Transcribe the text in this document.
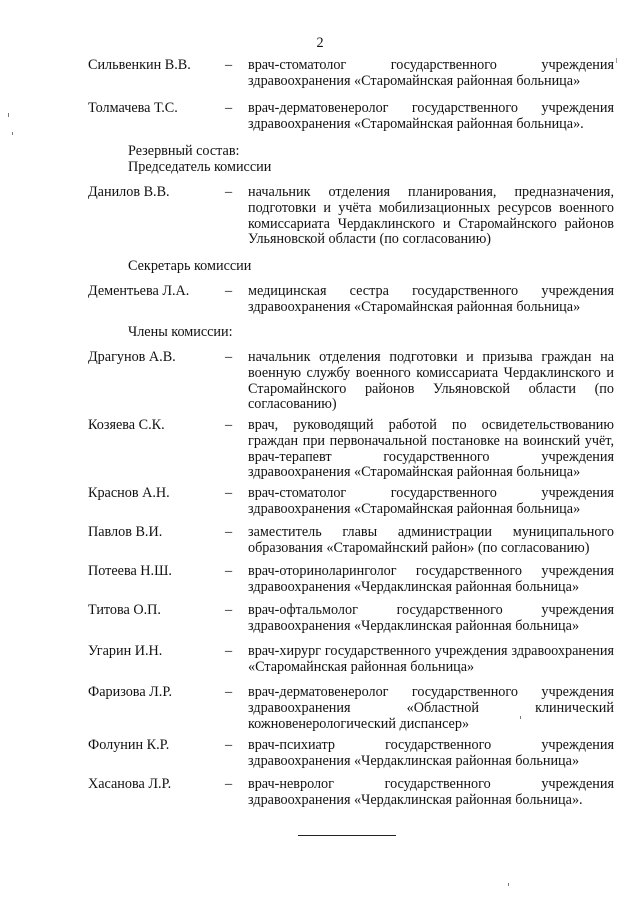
2
Сильвенкин В.В. – врач-стоматолог государственного учреждения здравоохранения «Старомайнская районная больница»
Толмачева Т.С.	– врач-дерматовенеролог государственного учреждения здравоохранения «Старомайнская районная больница».
Резервный состав:
Председатель комиссии
Данилов В.В.	– начальник отделения планирования, предназначения, подготовки и учёта мобилизационных ресурсов военного комиссариата Чердаклинского и Старомайнского районов Ульяновской области (по согласованию)
Секретарь комиссии
Дементьева Л.А.	– медицинская сестра государственного учреждения здравоохранения «Старомайнская районная больница»
Члены комиссии:
Драгунов А.В.	– начальник отделения подготовки и призыва граждан на военную службу военного комиссариата Чердаклинского и Старомайнского районов Ульяновской области (по согласованию)
Козяева С.К.	– врач, руководящий работой по освидетельствованию граждан при первоначальной постановке на воинский учёт, врач-терапевт государственного учреждения здравоохранения «Старомайнская районная больница»
Краснов А.Н.	– врач-стоматолог государственного учреждения здравоохранения «Старомайнская районная больница»
Павлов В.И.	– заместитель главы администрации муниципального образования «Старомайнский район» (по согласованию)
Потеева Н.Ш.	– врач-оториноларинголог государственного учреждения здравоохранения «Чердаклинская районная больница»
Титова О.П.	– врач-офтальмолог государственного учреждения здравоохранения «Чердаклинская районная больница»
Угарин И.Н.	– врач-хирург государственного учреждения здравоохранения «Старомайнская районная больница»
Фаризова Л.Р.	– врач-дерматовенеролог государственного учреждения здравоохранения «Областной клинический кожновенерологический диспансер»
Фолунин К.Р.	– врач-психиатр государственного учреждения здравоохранения «Чердаклинская районная больница»
Хасанова Л.Р.	– врач-невролог государственного учреждения здравоохранения «Чердаклинская районная больница».
